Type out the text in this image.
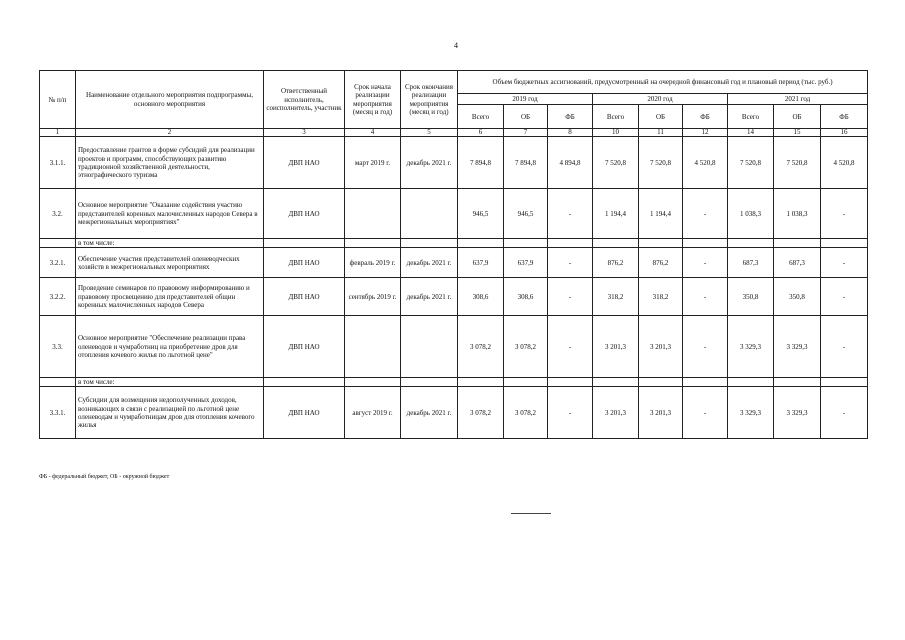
4
№ п/п	Наименование отдельного мероприятия подпрограммы, основного мероприятия	Ответственный исполнитель, соисполнитель, участник	Срок начала реализации мероприятия (месяц и год)	Срок окончания реализации мероприятия (месяц и год)	Объем бюджетных ассигнований, предусмотренный на очередной финансовый год и плановый период (тыс. руб.)								
					2019 год			2020 год			2021 год		
					Всего	ОБ	ФБ	Всего	ОБ	ФБ	Всего	ОБ	ФБ
1	2	3	4	5	6	7	8	10	11	12	14	15	16
3.1.1.	Предоставление грантов в форме субсидий для реализации проектов и программ, способствующих развитию традиционной хозяйственной деятельности, этнографического туризма	ДВП НАО	март 2019 г.	декабрь 2021 г.	7 894,8	7 894,8	4 894,8	7 520,8	7 520,8	4 520,8	7 520,8	7 520,8	4 520,8
3.2.	Основное мероприятие "Оказание содействия участию представителей коренных малочисленных народов Севера в межрегиональных мероприятиях"	ДВП НАО			946,5	946,5	-	1 194,4	1 194,4	-	1 038,3	1 038,3	-
	в том числе:												
3.2.1.	Обеспечение участия представителей оленеводческих хозяйств в межрегиональных мероприятиях	ДВП НАО	февраль 2019 г.	декабрь 2021 г.	637,9	637,9	-	876,2	876,2	-	687,3	687,3	-
3.2.2.	Проведение семинаров по правовому информированию и правовому просвещению для представителей общин коренных малочисленных народов Севера	ДВП НАО	сентябрь 2019 г.	декабрь 2021 г.	308,6	308,6	-	318,2	318,2	-	350,8	350,8	-
3.3.	Основное мероприятие "Обеспечение реализации права оленеводов и чумработниц на приобретение дров для отопления кочевого жилья по льготной цене"	ДВП НАО			3 078,2	3 078,2	-	3 201,3	3 201,3	-	3 329,3	3 329,3	-
	в том числе:												
3.3.1.	Субсидии для возмещения недополученных доходов, возникающих в связи с реализацией по льготной цене оленеводам и чумработницам дров для отопления кочевого жилья	ДВП НАО	август 2019 г.	декабрь 2021 г.	3 078,2	3 078,2	-	3 201,3	3 201,3	-	3 329,3	3 329,3	-
ФБ - федеральный бюджет, ОБ - окружной бюджет
